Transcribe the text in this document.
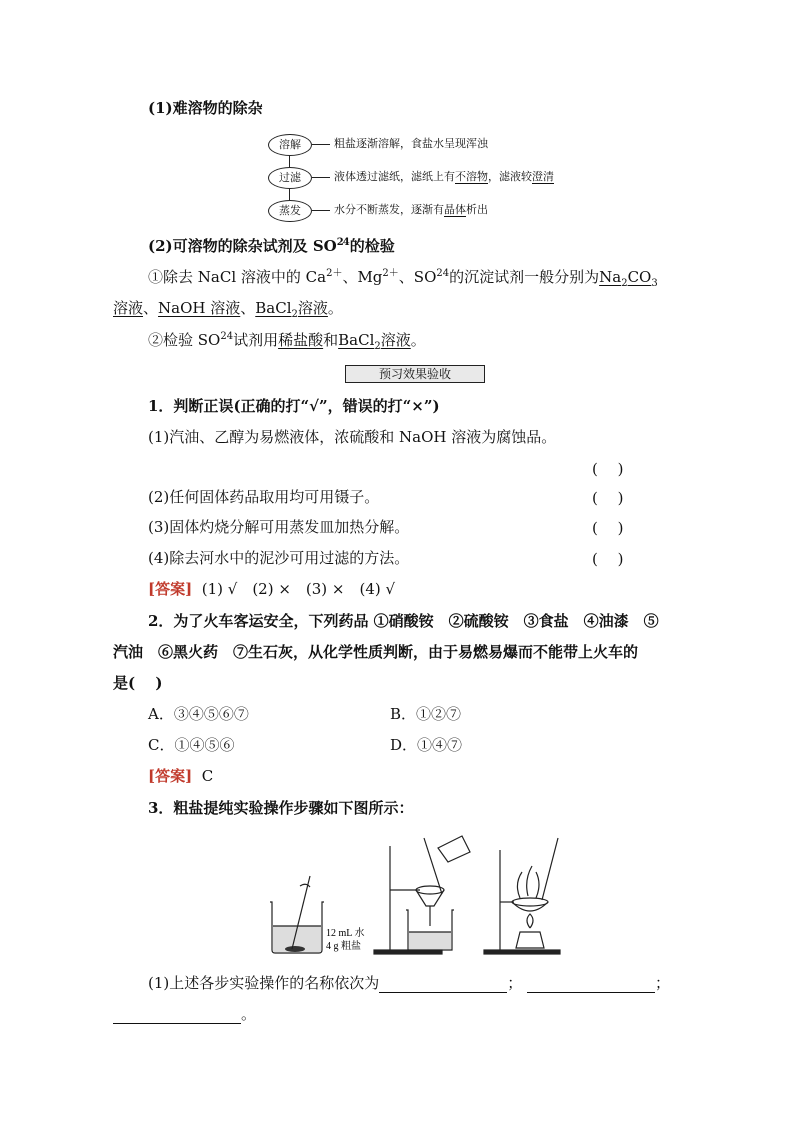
(1)难溶物的除杂
溶解	粗盐逐渐溶解，食盐水呈现浑浊
过滤	液体透过滤纸，滤纸上有不溶物，滤液较澄清
蒸发	水分不断蒸发，逐渐有晶体析出
(2)可溶物的除杂试剂及 SO$^{24}$的检验
①除去 NaCl 溶液中的 $Ca^{2+}$、$Mg^{2+}$、SO$^{24}$的沉淀试剂一般分别为$Na_2CO_3$
溶液、NaOH 溶液、BaCl$_2$溶液。
②检验 SO$^{24}$试剂用稀盐酸和BaCl$_2$溶液。
预习效果验收
1．判断正误(正确的打“√”，错误的打“×”)
(1)汽油、乙醇为易燃液体，浓硫酸和 NaOH 溶液为腐蚀品。
(　 )
(2)任何固体药品取用均可用镊子。	(　 )
(3)固体灼烧分解可用蒸发皿加热分解。	(　 )
(4)除去河水中的泥沙可用过滤的方法。	(　 )
[答案] (1) √　(2) ×　(3) ×　(4) √
2．为了火车客运安全，下列药品 ①硝酸铵　②硫酸铵　③食盐　④油漆　⑤
汽油　⑥黑火药　⑦生石灰，从化学性质判断，由于易燃易爆而不能带上火车的
是(　 )
A．③④⑤⑥⑦	B．①②⑦
C．①④⑤⑥	D．①④⑦
[答案] C
3．粗盐提纯实验操作步骤如下图所示：
12 mL 水
4 g 粗盐
(1)上述各步实验操作的名称依次为	；	；
。
